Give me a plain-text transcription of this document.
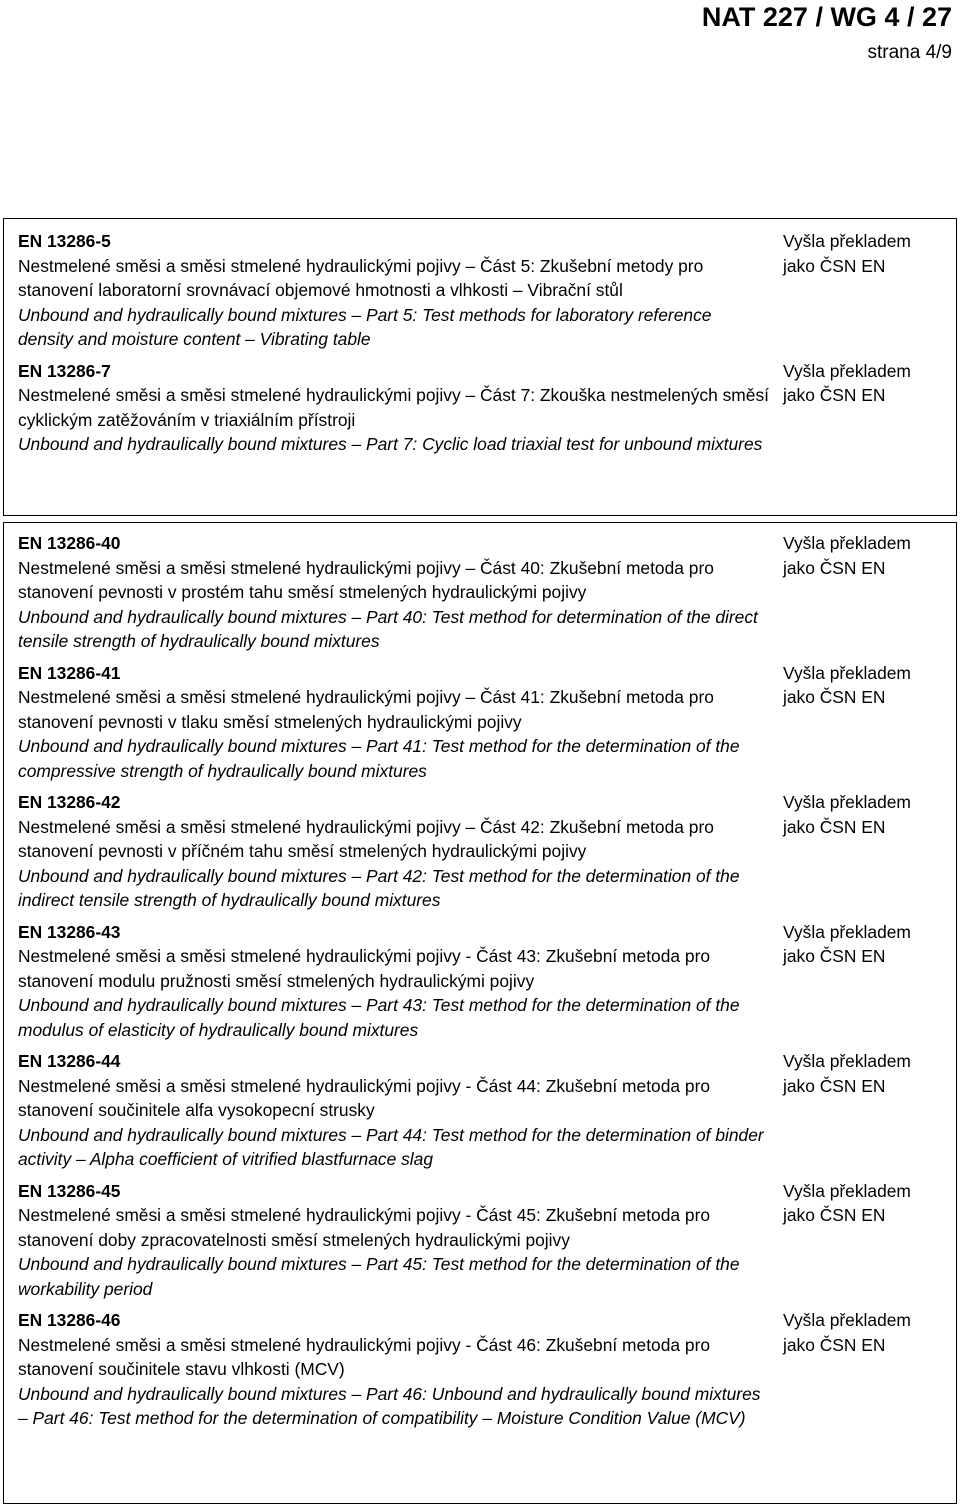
NAT 227 / WG 4 / 27
strana 4/9
EN 13286-5
Nestmelené směsi a směsi stmelené hydraulickými pojivy – Část 5: Zkušební metody pro stanovení laboratorní srovnávací objemové hmotnosti a vlhkosti – Vibrační stůl
Unbound and hydraulically bound mixtures – Part 5: Test methods for laboratory reference density and moisture content – Vibrating table
Vyšla překladem
jako ČSN EN
EN 13286-7
Nestmelené směsi a směsi stmelené hydraulickými pojivy – Část 7: Zkouška nestmelených směsí cyklickým zatěžováním v triaxiálním přístroji
Unbound and hydraulically bound mixtures – Part 7: Cyclic load triaxial test for unbound mixtures
Vyšla překladem
jako ČSN EN
EN 13286-40
Nestmelené směsi a směsi stmelené hydraulickými pojivy – Část 40: Zkušební metoda pro stanovení pevnosti v prostém tahu směsí stmelených hydraulickými pojivy
Unbound and hydraulically bound mixtures – Part 40: Test method for determination of the direct tensile strength of hydraulically bound mixtures
Vyšla překladem
jako ČSN EN
EN 13286-41
Nestmelené směsi a směsi stmelené hydraulickými pojivy – Část 41: Zkušební metoda pro stanovení pevnosti v tlaku směsí stmelených hydraulickými pojivy
Unbound and hydraulically bound mixtures – Part 41: Test method for the determination of the compressive strength of hydraulically bound mixtures
Vyšla překladem
jako ČSN EN
EN 13286-42
Nestmelené směsi a směsi stmelené hydraulickými pojivy – Část 42: Zkušební metoda pro stanovení pevnosti v příčném tahu směsí stmelených hydraulickými pojivy
Unbound and hydraulically bound mixtures – Part 42: Test method for the determination of the indirect tensile strength of hydraulically bound mixtures
Vyšla překladem
jako ČSN EN
EN 13286-43
Nestmelené směsi a směsi stmelené hydraulickými pojivy - Část 43: Zkušební metoda pro stanovení modulu pružnosti směsí stmelených hydraulickými pojivy
Unbound and hydraulically bound mixtures – Part 43: Test method for the determination of the modulus of elasticity of hydraulically bound mixtures
Vyšla překladem
jako ČSN EN
EN 13286-44
Nestmelené směsi a směsi stmelené hydraulickými pojivy - Část 44: Zkušební metoda pro stanovení součinitele alfa vysokopecní strusky
Unbound and hydraulically bound mixtures – Part 44: Test method for the determination of binder activity – Alpha coefficient of vitrified blastfurnace slag
Vyšla překladem
jako ČSN EN
EN 13286-45
Nestmelené směsi a směsi stmelené hydraulickými pojivy - Část 45: Zkušební metoda pro stanovení doby zpracovatelnosti směsí stmelených hydraulickými pojivy
Unbound and hydraulically bound mixtures – Part 45: Test method for the determination of the workability period
Vyšla překladem
jako ČSN EN
EN 13286-46
Nestmelené směsi a směsi stmelené hydraulickými pojivy - Část 46: Zkušební metoda pro stanovení součinitele stavu vlhkosti (MCV)
Unbound and hydraulically bound mixtures – Part 46: Unbound and hydraulically bound mixtures – Part 46: Test method for the determination of compatibility – Moisture Condition Value (MCV)
Vyšla překladem
jako ČSN EN
